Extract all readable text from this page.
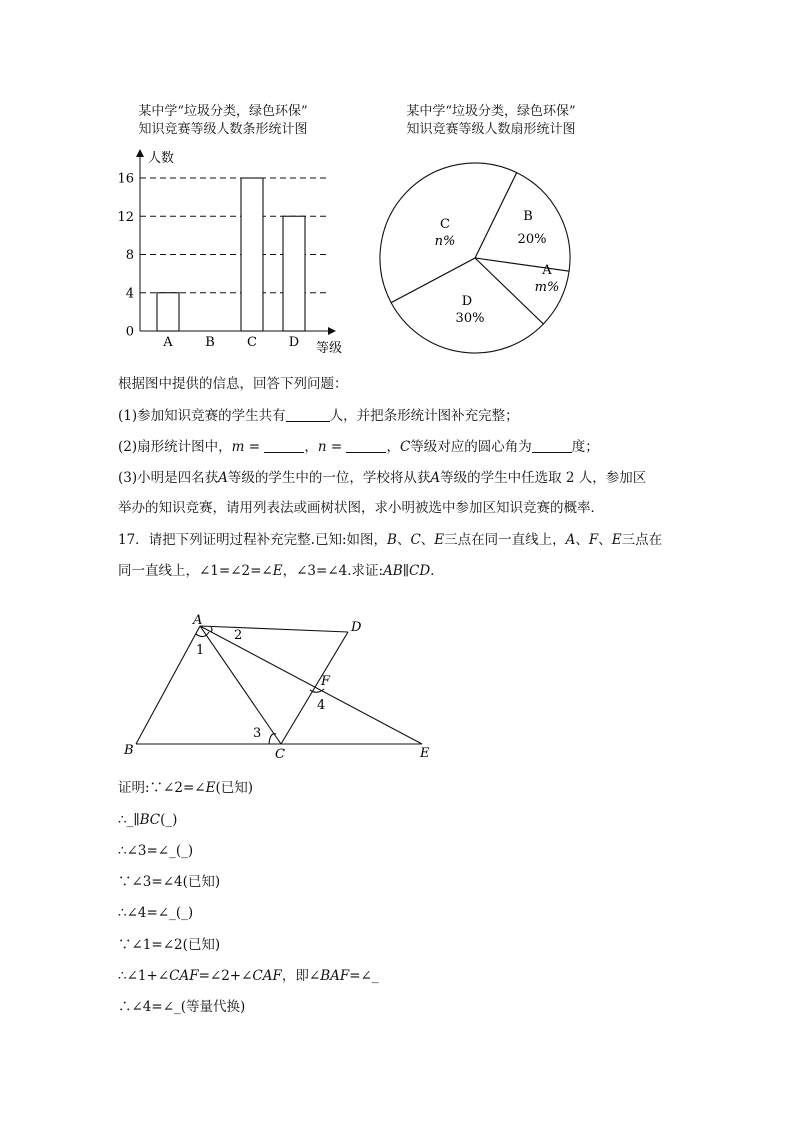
某中学“垃圾分类，绿色环保”
知识竞赛等级人数条形统计图
某中学“垃圾分类，绿色环保”
知识竞赛等级人数扇形统计图
0
4
8
12
16
A	B C D
人数
等级
C
n%
B
20%
A
m%
D
30%
根据图中提供的信息，回答下列问题：
(1)参加知识竞赛的学生共有	人，并把条形统计图补充完整；
(2)扇形统计图中，m =	，n =	，C等级对应的圆心角为	度；
(3)小明是四名获A等级的学生中的一位，学校将从获A等级的学生中任选取 2 人，参加区
举办的知识竞赛，请用列表法或画树状图，求小明被选中参加区知识竞赛的概率．
17．请把下列证明过程补充完整.已知:如图，B、C、E三点在同一直线上，A、F、E三点在
同一直线上，∠1=∠2=∠E，∠3=∠4.求证:AB∥CD.
A	D
F
B	C	E
1
2
3
4
证明:∵∠2=∠E(已知)
∴_∥BC(_)
∴∠3=∠_(_)
∵∠3=∠4(已知)
∴∠4=∠_(_)
∵∠1=∠2(已知)
∴∠1+∠CAF=∠2+∠CAF，即∠BAF=∠_
∴∠4=∠_(等量代换)
